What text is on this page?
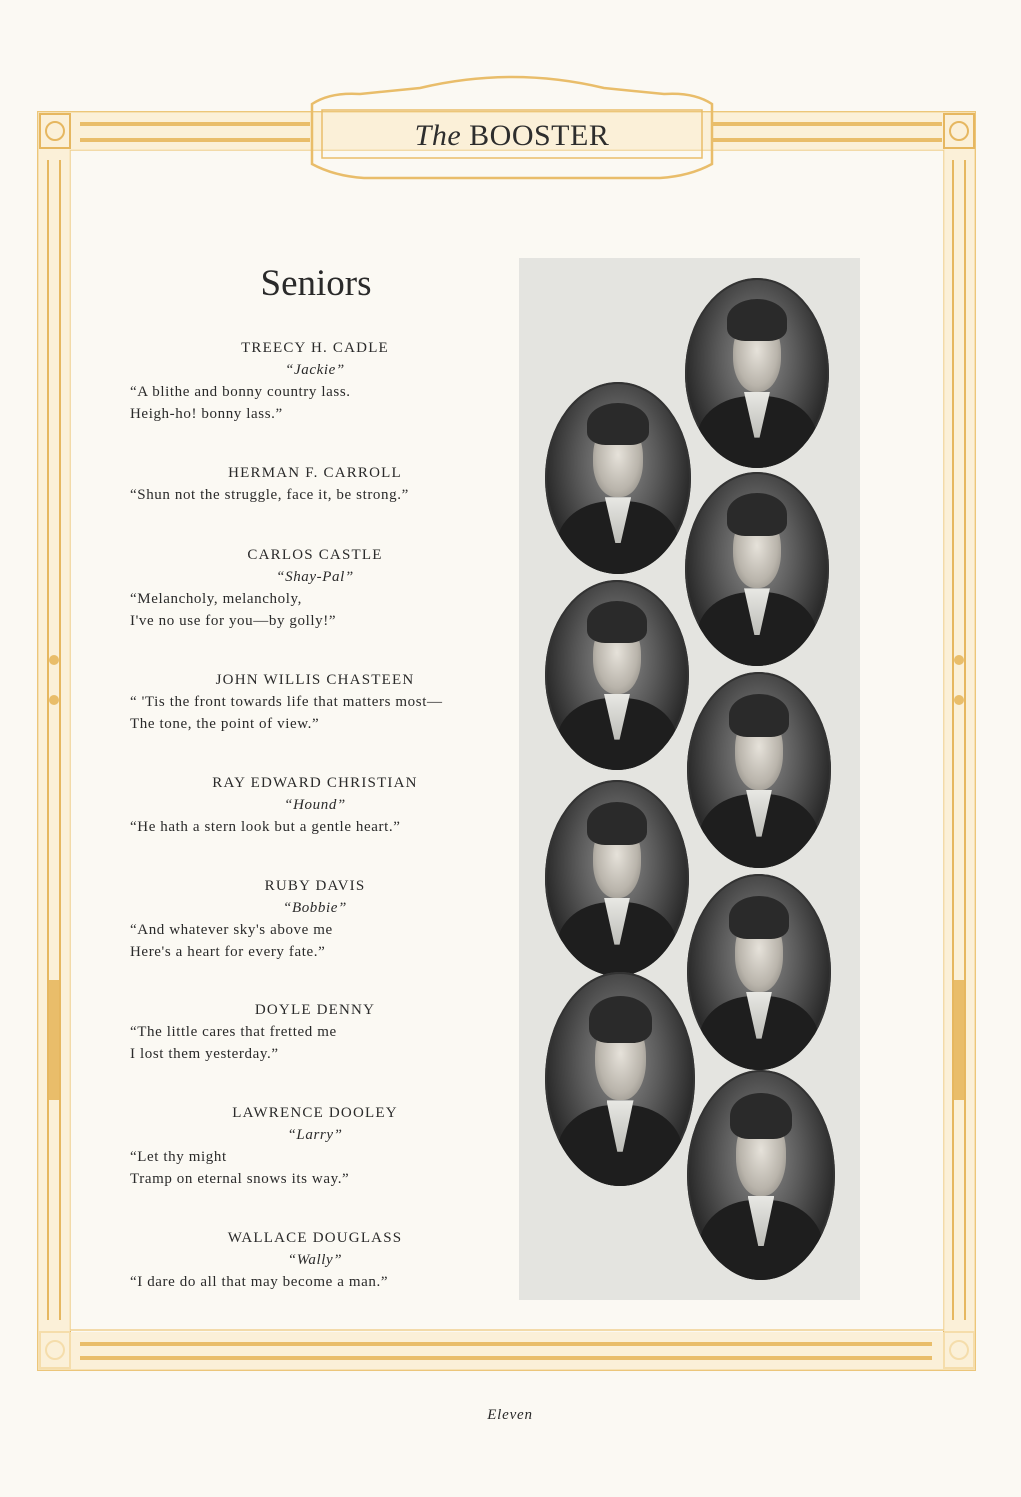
The BOOSTER
Seniors
TREECY H. CADLE
“Jackie”
“A blithe and bonny country lass.
Heigh-ho! bonny lass.”
HERMAN F. CARROLL
“Shun not the struggle, face it, be strong.”
CARLOS CASTLE
“Shay-Pal”
“Melancholy, melancholy,
I've no use for you—by golly!”
JOHN WILLIS CHASTEEN
“ 'Tis the front towards life that matters most—
The tone, the point of view.”
RAY EDWARD CHRISTIAN
“Hound”
“He hath a stern look but a gentle heart.”
RUBY DAVIS
“Bobbie”
“And whatever sky's above me
Here's a heart for every fate.”
DOYLE DENNY
“The little cares that fretted me
I lost them yesterday.”
LAWRENCE DOOLEY
“Larry”
“Let thy might
Tramp on eternal snows its way.”
WALLACE DOUGLASS
“Wally”
“I dare do all that may become a man.”
Eleven
